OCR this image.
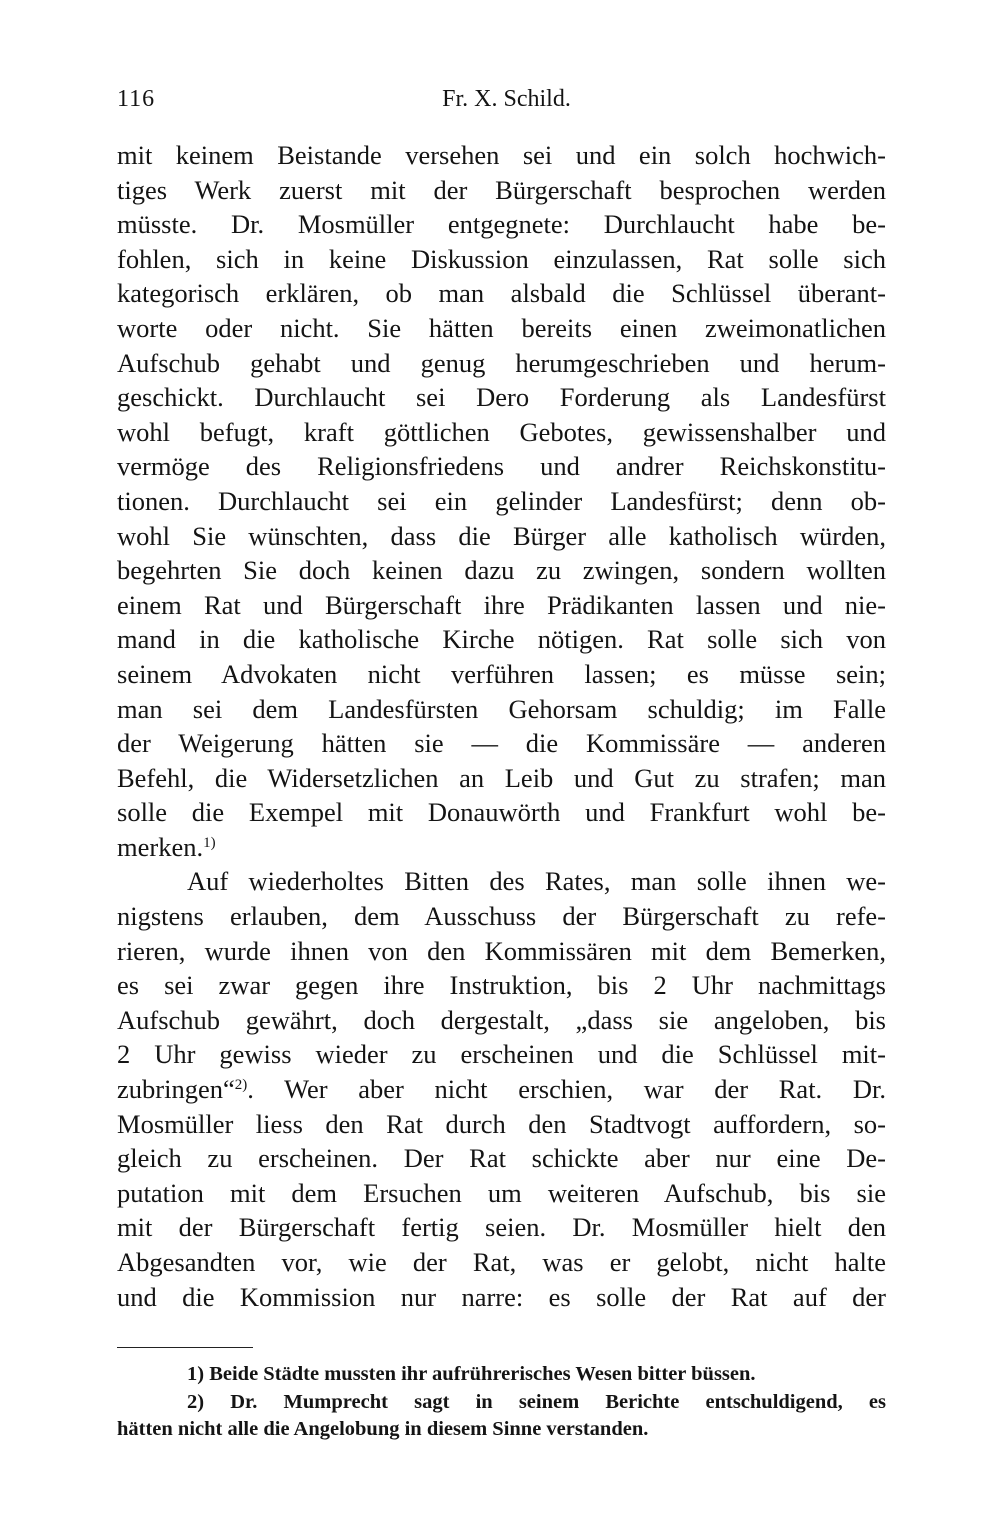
116	Fr. X. Schild.
mit keinem Beistande versehen sei und ein solch hochwich-
tiges Werk zuerst mit der Bürgerschaft besprochen werden
müsste. Dr. Mosmüller entgegnete: Durchlaucht habe be-
fohlen, sich in keine Diskussion einzulassen, Rat solle sich
kategorisch erklären, ob man alsbald die Schlüssel überant-
worte oder nicht. Sie hätten bereits einen zweimonatlichen
Aufschub gehabt und genug herumgeschrieben und herum-
geschickt. Durchlaucht sei Dero Forderung als Landesfürst
wohl befugt, kraft göttlichen Gebotes, gewissenshalber und
vermöge des Religionsfriedens und andrer Reichskonstitu-
tionen. Durchlaucht sei ein gelinder Landesfürst; denn ob-
wohl Sie wünschten, dass die Bürger alle katholisch würden,
begehrten Sie doch keinen dazu zu zwingen, sondern wollten
einem Rat und Bürgerschaft ihre Prädikanten lassen und nie-
mand in die katholische Kirche nötigen. Rat solle sich von
seinem Advokaten nicht verführen lassen; es müsse sein;
man sei dem Landesfürsten Gehorsam schuldig; im Falle
der Weigerung hätten sie — die Kommissäre — anderen
Befehl, die Widersetzlichen an Leib und Gut zu strafen; man
solle die Exempel mit Donauwörth und Frankfurt wohl be-
merken.$^{1)}$
Auf wiederholtes Bitten des Rates, man solle ihnen we-
nigstens erlauben, dem Ausschuss der Bürgerschaft zu refe-
rieren, wurde ihnen von den Kommissären mit dem Bemerken,
es sei zwar gegen ihre Instruktion, bis 2 Uhr nachmittags
Aufschub gewährt, doch dergestalt, „dass sie angeloben, bis
2 Uhr gewiss wieder zu erscheinen und die Schlüssel mit-
zubringen“$^{2)}$. Wer aber nicht erschien, war der Rat. Dr.
Mosmüller liess den Rat durch den Stadtvogt auffordern, so-
gleich zu erscheinen. Der Rat schickte aber nur eine De-
putation mit dem Ersuchen um weiteren Aufschub, bis sie
mit der Bürgerschaft fertig seien. Dr. Mosmüller hielt den
Abgesandten vor, wie der Rat, was er gelobt, nicht halte
und die Kommission nur narre: es solle der Rat auf der
1) Beide Städte mussten ihr aufrührerisches Wesen bitter büssen.
2) Dr. Mumprecht sagt in seinem Berichte entschuldigend, es
hätten nicht alle die Angelobung in diesem Sinne verstanden.
